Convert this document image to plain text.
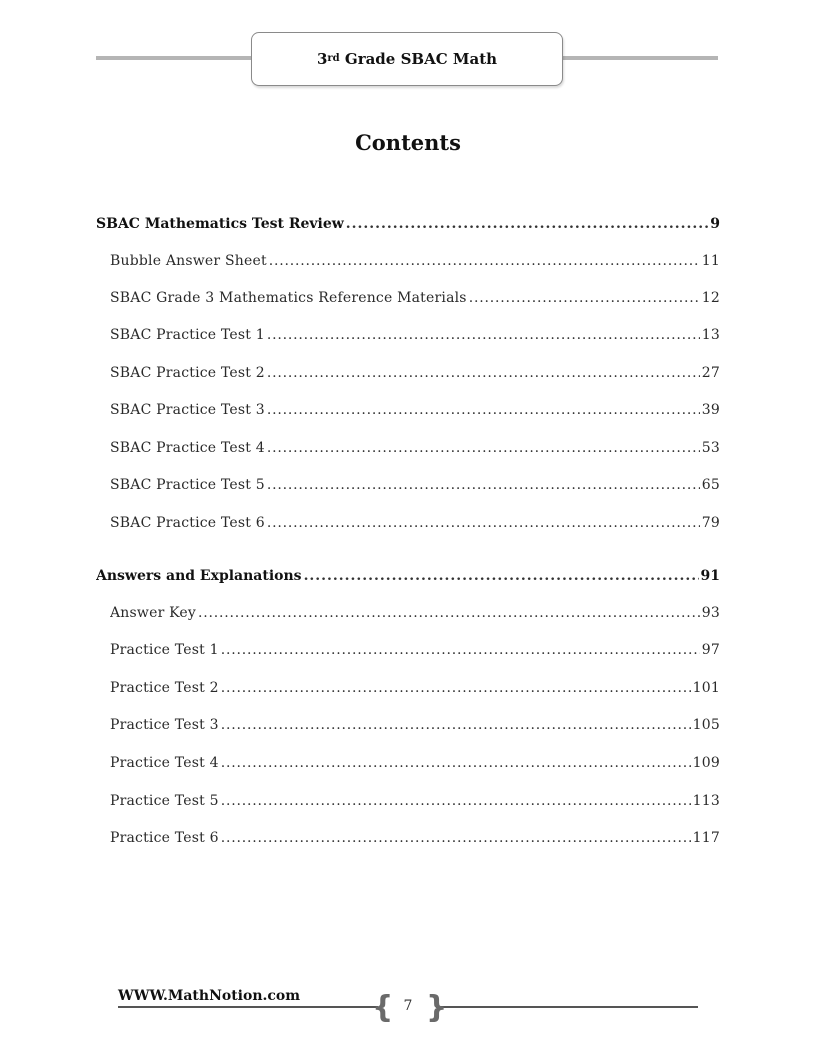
3rd Grade SBAC Math
Contents
SBAC Mathematics Test Review .....	9
Bubble Answer Sheet .....	11
SBAC Grade 3 Mathematics Reference Materials .....	12
SBAC Practice Test 1 .....	13
SBAC Practice Test 2 .....	27
SBAC Practice Test 3 .....	39
SBAC Practice Test 4 .....	53
SBAC Practice Test 5 .....	65
SBAC Practice Test 6 .....	79
Answers and Explanations .....	91
Answer Key .....	93
Practice Test 1 .....	97
Practice Test 2 .....	101
Practice Test 3 .....	105
Practice Test 4 .....	109
Practice Test 5 .....	113
Practice Test 6 .....	117
WWW.MathNotion.com { }
7
